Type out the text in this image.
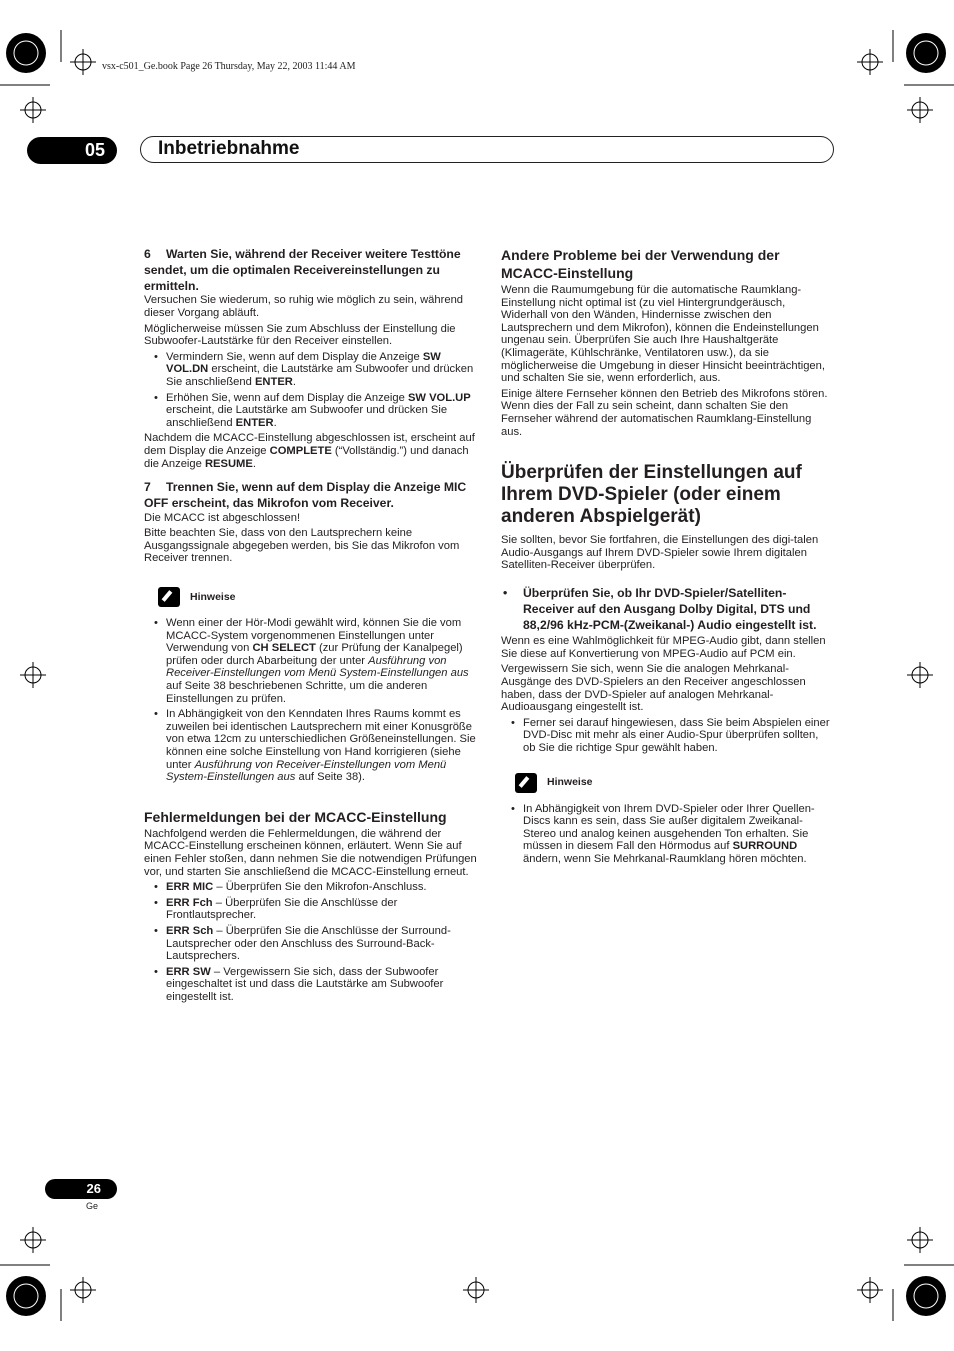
vsx-c501_Ge.book Page 26 Thursday, May 22, 2003 11:44 AM
05	Inbetriebnahme

6 Warten Sie, während der Receiver weitere Testtöne sendet, um die optimalen Receivereinstellungen zu ermitteln.

Versuchen Sie wiederum, so ruhig wie möglich zu sein, während dieser Vorgang abläuft.

Möglicherweise müssen Sie zum Abschluss der Einstellung die Subwoofer-Lautstärke für den Receiver einstellen.

• Vermindern Sie, wenn auf dem Display die Anzeige SW VOL.DN erscheint, die Lautstärke am Subwoofer und drücken Sie anschließend ENTER.
• Erhöhen Sie, wenn auf dem Display die Anzeige SW VOL.UP erscheint, die Lautstärke am Subwoofer und drücken Sie anschließend ENTER.

Nachdem die MCACC-Einstellung abgeschlossen ist, erscheint auf dem Display die Anzeige COMPLETE (“Vollständig.”) und danach die Anzeige RESUME.

7 Trennen Sie, wenn auf dem Display die Anzeige MIC OFF erscheint, das Mikrofon vom Receiver.

Die MCACC ist abgeschlossen!

Bitte beachten Sie, dass von den Lautsprechern keine Ausgangssignale abgegeben werden, bis Sie das Mikrofon vom Receiver trennen.

Hinweise
• Wenn einer der Hör-Modi gewählt wird, können Sie die vom MCACC-System vorgenommenen Einstellungen unter Verwendung von CH SELECT (zur Prüfung der Kanalpegel) prüfen oder durch Abarbeitung der unter Ausführung von Receiver-Einstellungen vom Menü System-Einstellungen aus auf Seite 38 beschriebenen Schritte, um die anderen Einstellungen zu prüfen.
• In Abhängigkeit von den Kenndaten Ihres Raums kommt es zuweilen bei identischen Lautsprechern mit einer Konusgröße von etwa 12cm zu unterschiedlichen Größeneinstellungen. Sie können eine solche Einstellung von Hand korrigieren (siehe unter Ausführung von Receiver-Einstellungen vom Menü System-Einstellungen aus auf Seite 38).

Fehlermeldungen bei der MCACC-Einstellung

Nachfolgend werden die Fehlermeldungen, die während der MCACC-Einstellung erscheinen können, erläutert. Wenn Sie auf einen Fehler stoßen, dann nehmen Sie die notwendigen Prüfungen vor, und starten Sie anschließend die MCACC-Einstellung erneut.

• ERR MIC – Überprüfen Sie den Mikrofon-Anschluss.
• ERR Fch – Überprüfen Sie die Anschlüsse der Frontlautsprecher.
• ERR Sch – Überprüfen Sie die Anschlüsse der Surround-Lautsprecher oder den Anschluss des Surround-Back-Lautsprechers.
• ERR SW – Vergewissern Sie sich, dass der Subwoofer eingeschaltet ist und dass die Lautstärke am Subwoofer eingestellt ist.

Andere Probleme bei der Verwendung der MCACC-Einstellung

Wenn die Raumumgebung für die automatische Raumklang-Einstellung nicht optimal ist (zu viel Hintergrundgeräusch, Widerhall von den Wänden, Hindernisse zwischen den Lautsprechern und dem Mikrofon), können die Endeinstellungen ungenau sein. Überprüfen Sie auch Ihre Haushaltgeräte (Klimageräte, Kühlschränke, Ventilatoren usw.), da sie möglicherweise die Umgebung in dieser Hinsicht beeinträchtigen, und schalten Sie sie, wenn erforderlich, aus.

Einige ältere Fernseher können den Betrieb des Mikrofons stören. Wenn dies der Fall zu sein scheint, dann schalten Sie den Fernseher während der automatischen Raumklang-Einstellung aus.

Überprüfen der Einstellungen auf Ihrem DVD-Spieler (oder einem anderen Abspielgerät)

Sie sollten, bevor Sie fortfahren, die Einstellungen des digi-talen Audio-Ausgangs auf Ihrem DVD-Spieler sowie Ihrem digitalen Satelliten-Receiver überprüfen.

• Überprüfen Sie, ob Ihr DVD-Spieler/Satelliten-Receiver auf den Ausgang Dolby Digital, DTS und 88,2/96 kHz-PCM-(Zweikanal-) Audio eingestellt ist.

Wenn es eine Wahlmöglichkeit für MPEG-Audio gibt, dann stellen Sie diese auf Konvertierung von MPEG-Audio auf PCM ein.

Vergewissern Sie sich, wenn Sie die analogen Mehrkanal-Ausgänge des DVD-Spielers an den Receiver angeschlossen haben, dass der DVD-Spieler auf analogen Mehrkanal-Audioausgang eingestellt ist.

• Ferner sei darauf hingewiesen, dass Sie beim Abspielen einer DVD-Disc mit mehr als einer Audio-Spur überprüfen sollten, ob Sie die richtige Spur gewählt haben.
Hinweise
• In Abhängigkeit von Ihrem DVD-Spieler oder Ihrer Quellen-Discs kann es sein, dass Sie außer digitalem Zweikanal-Stereo und analog keinen ausgehenden Ton erhalten. Sie müssen in diesem Fall den Hörmodus auf SURROUND ändern, wenn Sie Mehrkanal-Raumklang hören möchten.
26
Ge
